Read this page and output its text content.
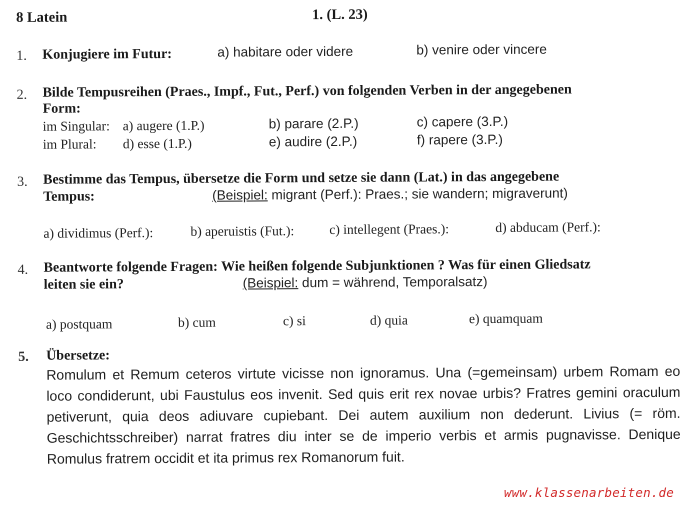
8 Latein	1. (L. 23)
1. Konjugiere im Futur:	a) habitare oder videre	b) venire oder vincere
2. Bilde Tempusreihen (Praes., Impf., Fut., Perf.) von folgenden Verben in der angegebenen
Form:
im Singular: a) augere (1.P.)	b) parare (2.P.)	c) capere (3.P.)
im Plural: d) esse (1.P.)	e) audire (2.P.)	f) rapere (3.P.)
3. Bestimme das Tempus, übersetze die Form und setze sie dann (Lat.) in das angegebene
Tempus:	(Beispiel: migrant (Perf.): Praes.; sie wandern; migraverunt)
a) dividimus (Perf.):	b) aperuistis (Fut.):	c) intellegent (Praes.):	d) abducam (Perf.):
4. Beantworte folgende Fragen: Wie heißen folgende Subjunktionen ? Was für einen Gliedsatz
leiten sie ein?	(Beispiel: dum = während, Temporalsatz)
a) postquam	b) cum	c) si	d) quia	e) quamquam
5. Übersetze:

Romulum et Remum ceteros virtute vicisse non ignoramus. Una (=gemeinsam) urbem Romam eo loco condiderunt, ubi Faustulus eos invenit. Sed quis erit rex novae urbis? Fratres gemini oraculum petiverunt, quia deos adiuvare cupiebant. Dei autem auxilium non dederunt. Livius (= röm. Geschichtsschreiber) narrat fratres diu inter se de imperio verbis et armis pugnavisse. Denique Romulus fratrem occidit et ita primus rex Romanorum fuit.

www.klassenarbeiten.de
